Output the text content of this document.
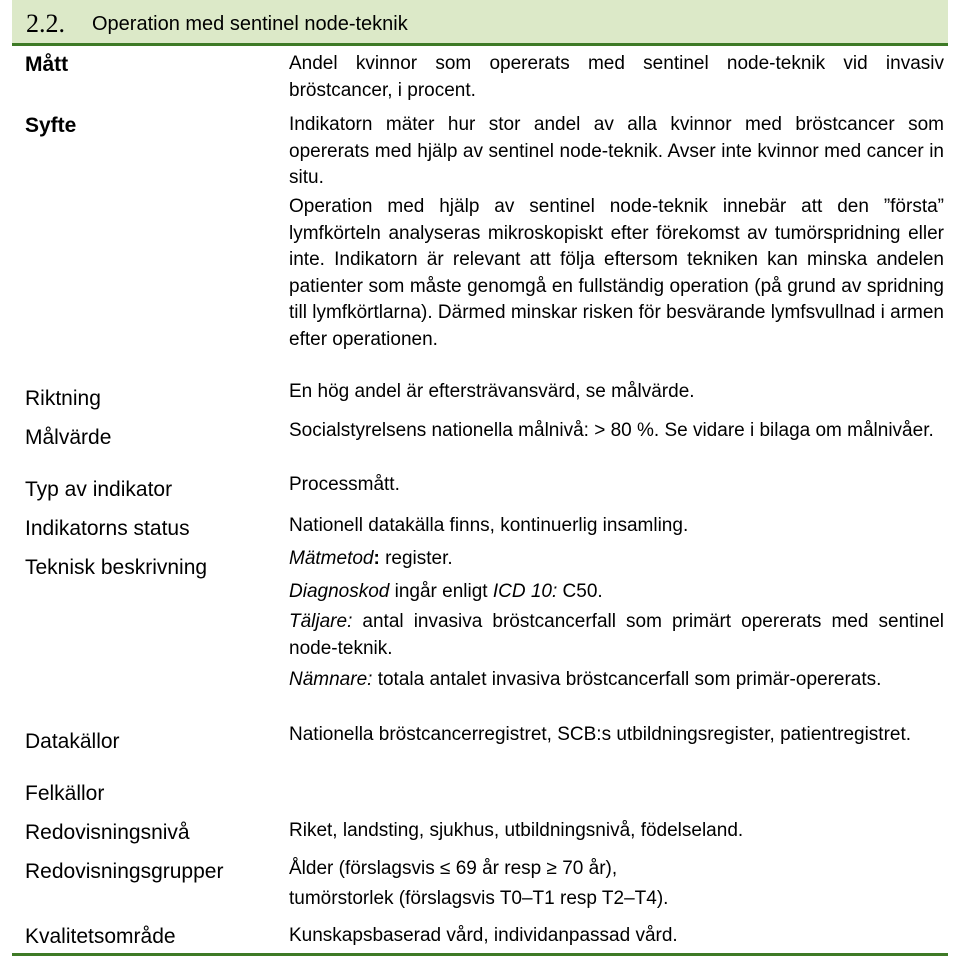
2.2. Operation med sentinel node-teknik
Mått
Syfte
Riktning
Målvärde
Typ av indikator
Indikatorns status
Teknisk beskrivning
Datakällor
Felkällor
Redovisningsnivå
Redovisningsgrupper
Kvalitetsområde
Andel kvinnor som opererats med sentinel node-teknik vid invasiv bröstcancer, i procent.
Indikatorn mäter hur stor andel av alla kvinnor med bröstcancer som opererats med hjälp av sentinel node-teknik. Avser inte kvinnor med cancer in situ.
Operation med hjälp av sentinel node-teknik innebär att den ”första” lymfkörteln analyseras mikroskopiskt efter förekomst av tumörspridning eller inte. Indikatorn är relevant att följa eftersom tekniken kan minska andelen patienter som måste genomgå en fullständig operation (på grund av spridning till lymfkörtlarna). Därmed minskar risken för besvärande lymfsvullnad i armen efter operationen.
En hög andel är eftersträvansvärd, se målvärde.
Socialstyrelsens nationella målnivå: > 80 %. Se vidare i bilaga om målnivåer.
Processmått.
Nationell datakälla finns, kontinuerlig insamling.
Mätmetod: register.
Diagnoskod ingår enligt ICD 10: C50.
Täljare: antal invasiva bröstcancerfall som primärt opererats med sentinel node-teknik.
Nämnare: totala antalet invasiva bröstcancerfall som primär-opererats.
Nationella bröstcancerregistret, SCB:s utbildningsregister, patientregistret.
Riket, landsting, sjukhus, utbildningsnivå, födelseland.
Ålder (förslagsvis ≤ 69 år resp ≥ 70 år),
tumörstorlek (förslagsvis T0–T1 resp T2–T4).
Kunskapsbaserad vård, individanpassad vård.
